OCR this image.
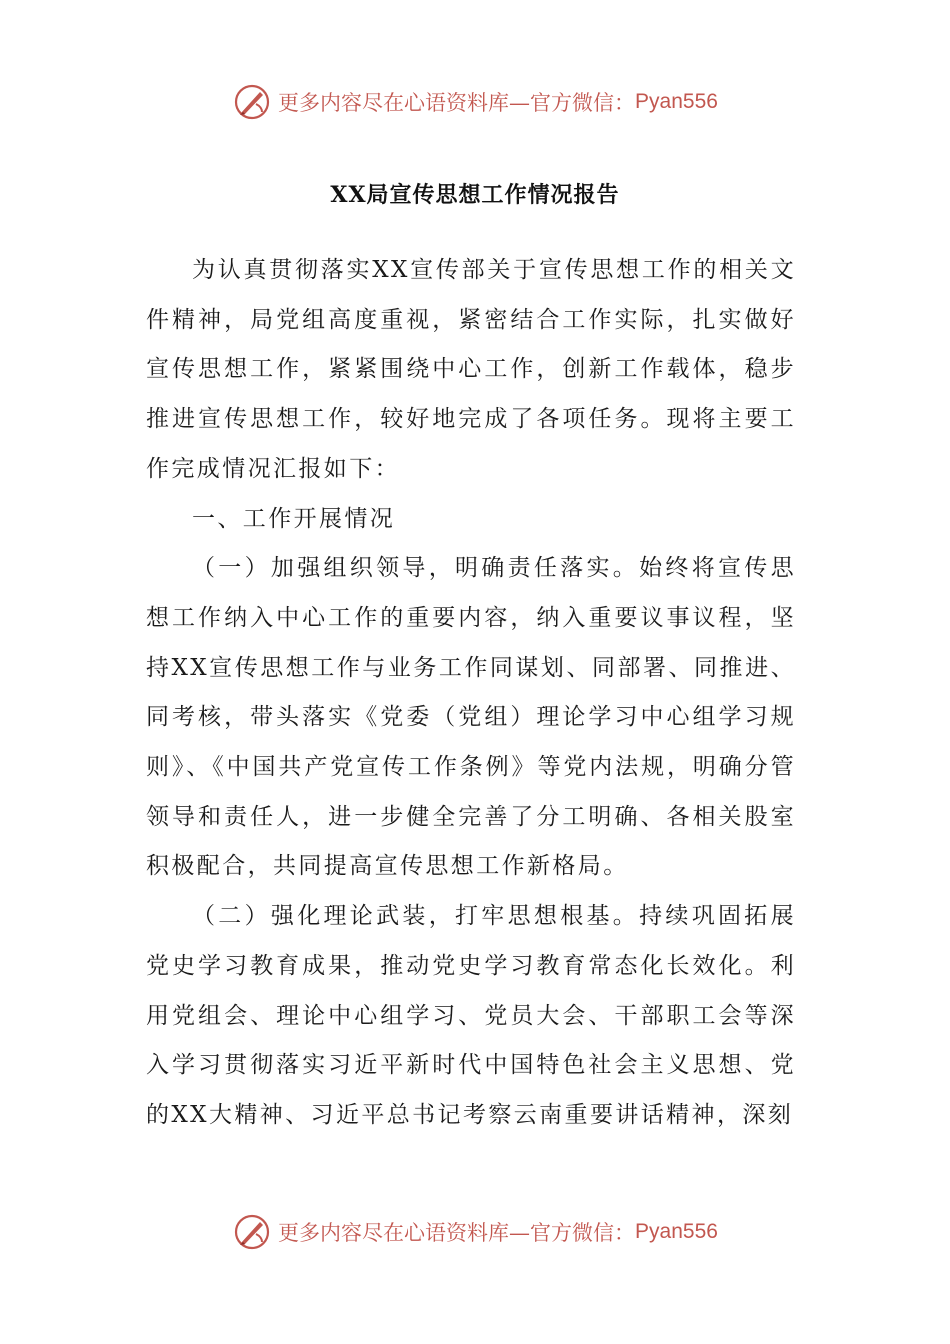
更多内容尽在心语资料库—官方微信： Pyan556
XX局宣传思想工作情况报告

为认真贯彻落实XX宣传部关于宣传思想工作的相关文件精神，局党组高度重视，紧密结合工作实际，扎实做好宣传思想工作，紧紧围绕中心工作，创新工作载体，稳步推进宣传思想工作，较好地完成了各项任务。现将主要工作完成情况汇报如下：

一、工作开展情况

（一）加强组织领导，明确责任落实。始终将宣传思想工作纳入中心工作的重要内容，纳入重要议事议程，坚持XX宣传思想工作与业务工作同谋划、同部署、同推进、同考核，带头落实《党委（党组）理论学习中心组学习规则》、《中国共产党宣传工作条例》等党内法规，明确分管领导和责任人，进一步健全完善了分工明确、各相关股室积极配合，共同提高宣传思想工作新格局。

（二）强化理论武装，打牢思想根基。持续巩固拓展党史学习教育成果，推动党史学习教育常态化长效化。利用党组会、理论中心组学习、党员大会、干部职工会等深入学习贯彻落实习近平新时代中国特色社会主义思想、党的XX大精神、习近平总书记考察云南重要讲话精神，深刻

更多内容尽在心语资料库—官方微信： Pyan556
